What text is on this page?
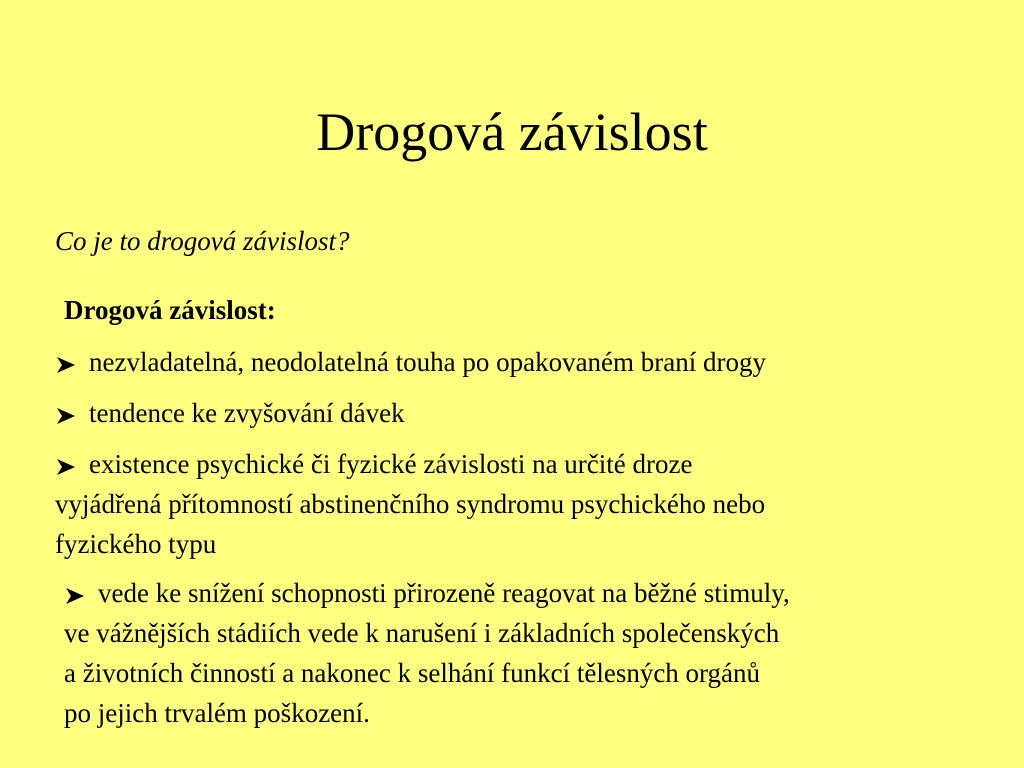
Drogová závislost
Co je to drogová závislost?
Drogová závislost:
nezvladatelná, neodolatelná touha po opakovaném braní drogy
tendence ke zvyšování dávek
existence psychické či fyzické závislosti na určité droze
vyjádřená přítomností abstinenčního syndromu psychického nebo
fyzického typu
vede ke snížení schopnosti přirozeně reagovat na běžné stimuly,
ve vážnějších stádiích vede k narušení i základních společenských
a životních činností a nakonec k selhání funkcí tělesných orgánů
po jejich trvalém poškození.
